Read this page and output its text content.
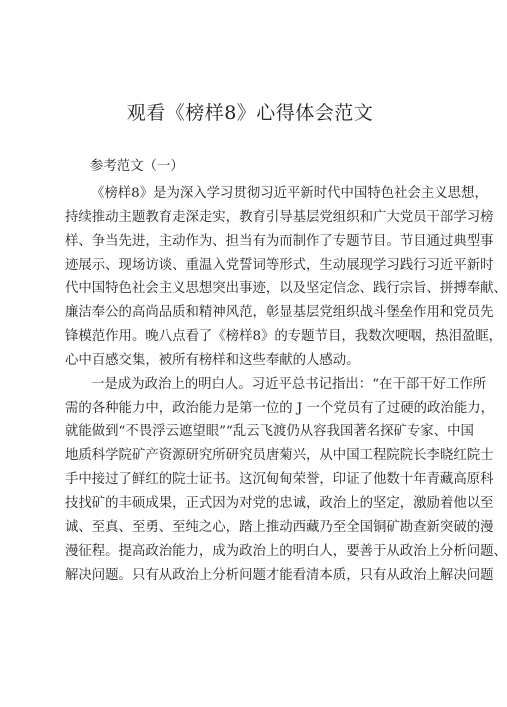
观看《榜样8》心得体会范文
参考范文（一）

《榜样8》是为深入学习贯彻习近平新时代中国特色社会主义思想，
持续推动主题教育走深走实，教育引导基层党组织和广大党员干部学习榜
样、争当先进，主动作为、担当有为而制作了专题节目。节目通过典型事
迹展示、现场访谈、重温入党誓词等形式，生动展现学习践行习近平新时
代中国特色社会主义思想突出事迹，以及坚定信念、践行宗旨、拼搏奉献、
廉洁奉公的高尚品质和精神风范，彰显基层党组织战斗堡垒作用和党员先
锋模范作用。晚八点看了《榜样8》的专题节目，我数次哽咽，热泪盈眶，
心中百感交集，被所有榜样和这些奉献的人感动。

一是成为政治上的明白人。习近平总书记指出：“在干部干好工作所
需的各种能力中，政治能力是第一位的 J 一个党员有了过硬的政治能力，
就能做到“不畏浮云遮望眼”“乱云飞渡仍从容我国著名探矿专家、中国
地质科学院矿产资源研究所研究员唐菊兴，从中国工程院院长李晓红院士
手中接过了鲜红的院士证书。这沉甸甸荣誉，印证了他数十年青藏高原科
技找矿的丰硕成果，正式因为对党的忠诚，政治上的坚定，激励着他以至
诚、至真、至勇、至纯之心，踏上推动西藏乃至全国铜矿勘查新突破的漫
漫征程。提高政治能力，成为政治上的明白人，要善于从政治上分析问题、
解决问题。只有从政治上分析问题才能看清本质，只有从政治上解决问题
